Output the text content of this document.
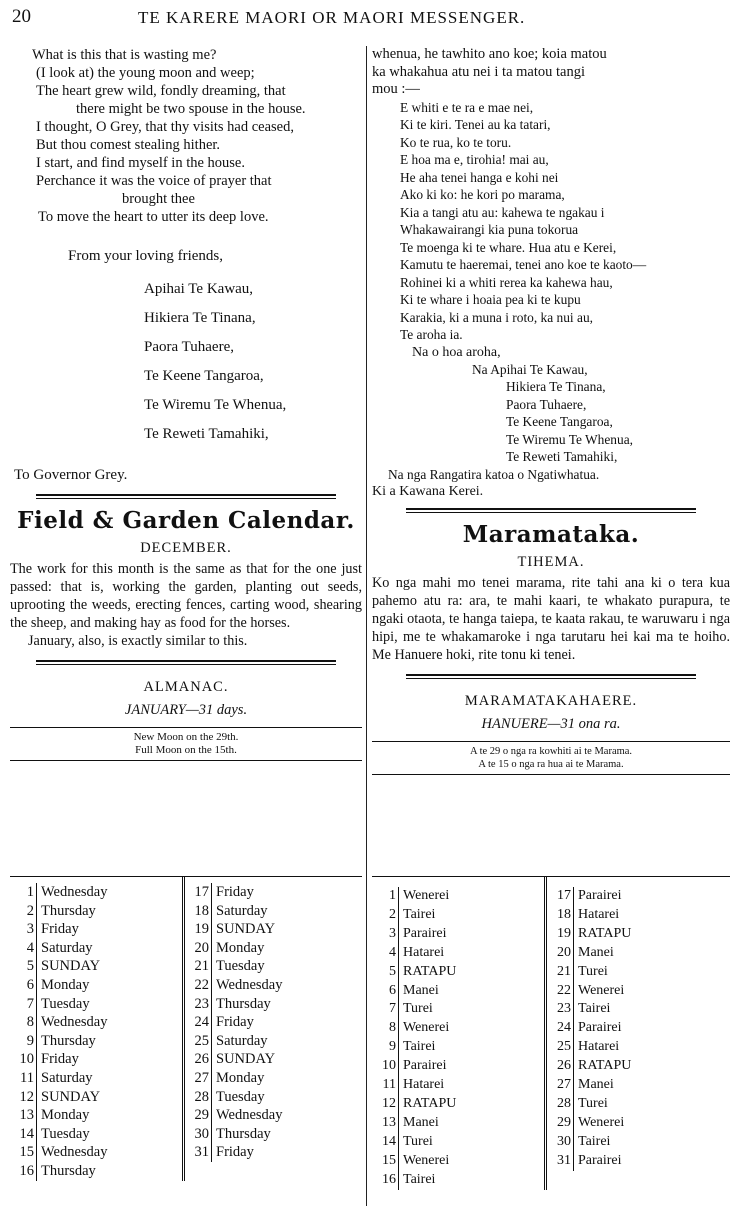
20	TE KARERE MAORI OR MAORI MESSENGER.
What is this that is wasting me?
(I look at) the young moon and weep;
The heart grew wild, fondly dreaming, that
there might be two spouse in the house.
I thought, O Grey, that thy visits had ceased,
But thou comest stealing hither.
I start, and find myself in the house.
Perchance it was the voice of prayer that
brought thee
To move the heart to utter its deep love.
From your loving friends,
Apihai Te Kawau,
Hikiera Te Tinana,
Paora Tuhaere,
Te Keene Tangaroa,
Te Wiremu Te Whenua,
Te Reweti Tamahiki,
To Governor Grey.
Field & Garden Calendar.
DECEMBER.
The work for this month is the same as that for the one just passed: that is, working the garden, planting out seeds, uprooting the weeds, erecting fences, carting wood, shearing the sheep, and making hay as food for the horses.
January, also, is exactly similar to this.
ALMANAC.
JANUARY—31 days.
New Moon on the 29th.
Full Moon on the 15th.
1 Wednesday
2 Thursday
3 Friday
4 Saturday
5 SUNDAY
6 Monday
7 Tuesday
8 Wednesday
9 Thursday
10 Friday
11 Saturday
12 SUNDAY
13 Monday
14 Tuesday
15 Wednesday
16 Thursday
17 Friday
18 Saturday
19 SUNDAY
20 Monday
21 Tuesday
22 Wednesday
23 Thursday
24 Friday
25 Saturday
26 SUNDAY
27 Monday
28 Tuesday
29 Wednesday
30 Thursday
31 Friday
whenua, he tawhito ano koe; koia matou
ka whakahua atu nei i ta matou tangi
mou :—
E whiti e te ra e mae nei,
Ki te kiri. Tenei au ka tatari,
Ko te rua, ko te toru.
E hoa ma e, tirohia! mai au,
He aha tenei hanga e kohi nei
Ako ki ko: he kori po marama,
Kia a tangi atu au: kahewa te ngakau i
Whakawairangi kia puna tokorua
Te moenga ki te whare. Hua atu e Kerei,
Kamutu te haeremai, tenei ano koe te kaoto—
Rohinei ki a whiti rerea ka kahewa hau,
Ki te whare i hoaia pea ki te kupu
Karakia, ki a muna i roto, ka nui au,
Te aroha ia.
Na o hoa aroha,
Na Apihai Te Kawau,
Hikiera Te Tinana,
Paora Tuhaere,
Te Keene Tangaroa,
Te Wiremu Te Whenua,
Te Reweti Tamahiki,
Na nga Rangatira katoa o Ngatiwhatua.
Ki a Kawana Kerei.
Maramataka.
TIHEMA.
Ko nga mahi mo tenei marama, rite tahi ana ki o tera kua pahemo atu ra: ara, te mahi kaari, te whakato purapura, te ngaki otaota, te hanga taiepa, te kaata rakau, te waruwaru i nga hipi, me te whakamaroke i nga tarutaru hei kai ma te hoiho. Me Hanuere hoki, rite tonu ki tenei.
MARAMATAKAHAERE.
HANUERE—31 ona ra.
A te 29 o nga ra kowhiti ai te Marama.
A te 15 o nga ra hua ai te Marama.
1 Wenerei
2 Tairei
3 Parairei
4 Hatarei
5 RATAPU
6 Manei
7 Turei
8 Wenerei
9 Tairei
10 Parairei
11 Hatarei
12 RATAPU
13 Manei
14 Turei
15 Wenerei
16 Tairei
17 Parairei
18 Hatarei
19 RATAPU
20 Manei
21 Turei
22 Wenerei
23 Tairei
24 Parairei
25 Hatarei
26 RATAPU
27 Manei
28 Turei
29 Wenerei
30 Tairei
31 Parairei
